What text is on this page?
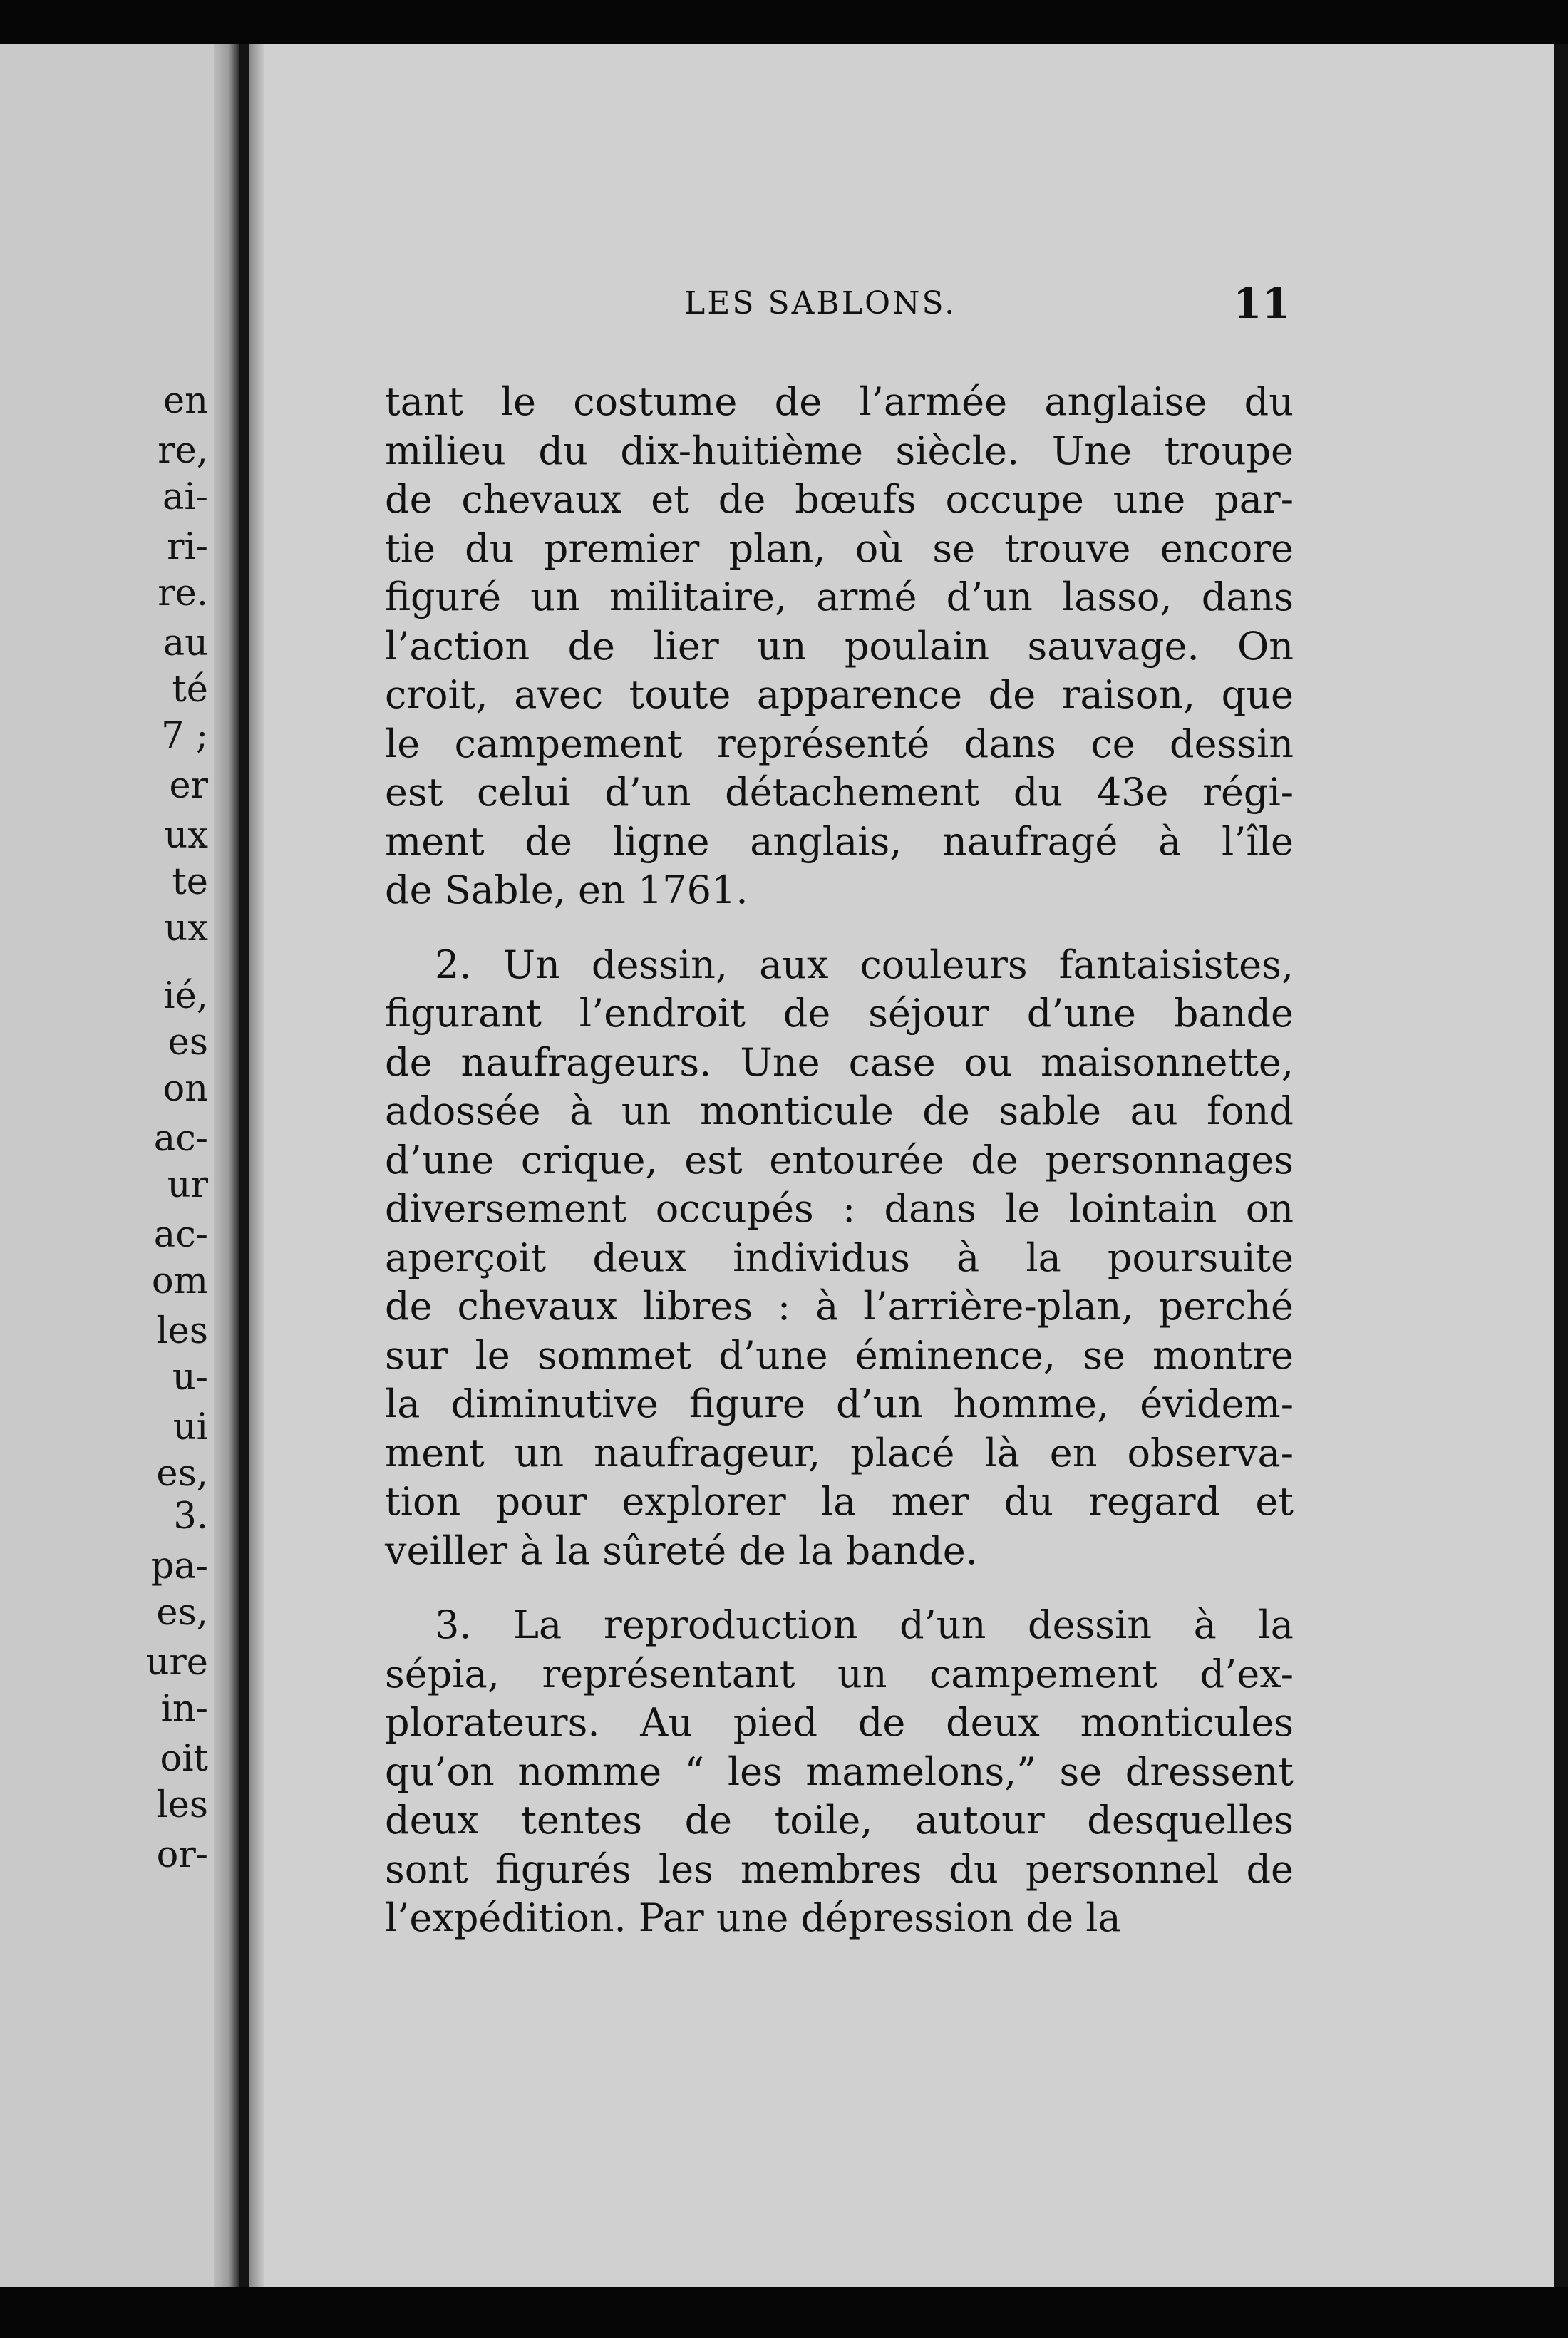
en
re,
ai-
ri-
re.
au
té
7 ;
er
ux
te
ux
ié,
es
on
ac-
ur
ac-
om
les
u-
ui
es,
3.
pa-
es,
ure
in-
oit
les
or-
LES SABLONS.	11
tant le costume de l’armée anglaise du
milieu du dix-huitième siècle. Une troupe
de chevaux et de bœufs occupe une par-
tie du premier plan, où se trouve encore
figuré un militaire, armé d’un lasso, dans
l’action de lier un poulain sauvage. On
croit, avec toute apparence de raison, que
le campement représenté dans ce dessin
est celui d’un détachement du 43e régi-
ment de ligne anglais, naufragé à l’île
de Sable, en 1761.
2. Un dessin, aux couleurs fantaisistes,
figurant l’endroit de séjour d’une bande
de naufrageurs. Une case ou maisonnette,
adossée à un monticule de sable au fond
d’une crique, est entourée de personnages
diversement occupés : dans le lointain on
aperçoit deux individus à la poursuite
de chevaux libres : à l’arrière-plan, perché
sur le sommet d’une éminence, se montre
la diminutive figure d’un homme, évidem-
ment un naufrageur, placé là en observa-
tion pour explorer la mer du regard et
veiller à la sûreté de la bande.
3. La reproduction d’un dessin à la
sépia, représentant un campement d’ex-
plorateurs. Au pied de deux monticules
qu’on nomme “ les mamelons,” se dressent
deux tentes de toile, autour desquelles
sont figurés les membres du personnel de
l’expédition. Par une dépression de la
